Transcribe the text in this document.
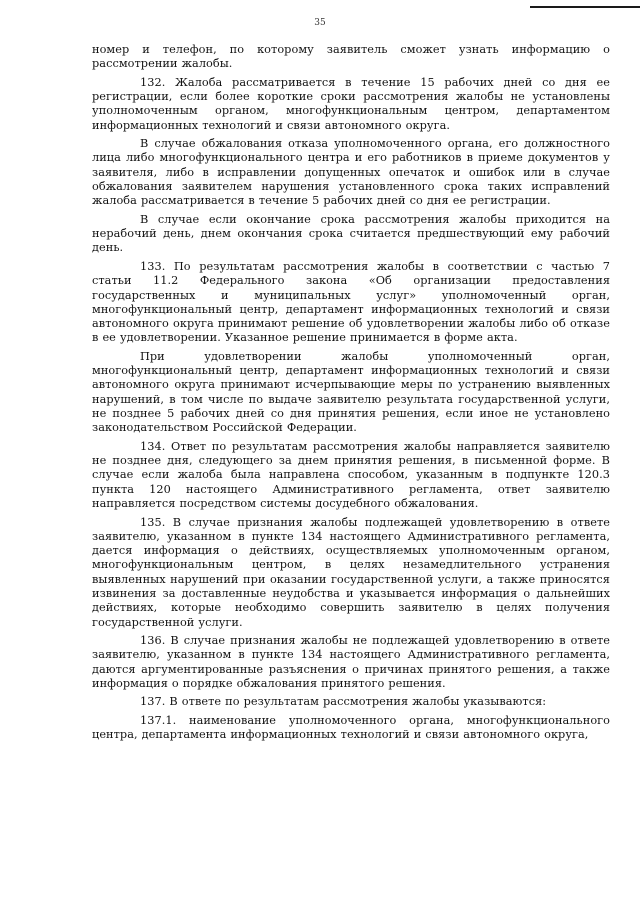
35

номер и телефон, по которому заявитель сможет узнать информацию о рассмотрении жалобы.

132. Жалоба рассматривается в течение 15 рабочих дней со дня ее регистрации, если более короткие сроки рассмотрения жалобы не установлены уполномоченным органом, многофункциональным центром, департаментом информационных технологий и связи автономного округа.

В случае обжалования отказа уполномоченного органа, его должностного лица либо многофункционального центра и его работников в приеме документов у заявителя, либо в исправлении допущенных опечаток и ошибок или в случае обжалования заявителем нарушения установленного срока таких исправлений жалоба рассматривается в течение 5 рабочих дней со дня ее регистрации.

В случае если окончание срока рассмотрения жалобы приходится на нерабочий день, днем окончания срока считается предшествующий ему рабочий день.

133. По результатам рассмотрения жалобы в соответствии с частью 7 статьи 11.2 Федерального закона «Об организации предоставления государственных и муниципальных услуг» уполномоченный орган, многофункциональный центр, департамент информационных технологий и связи автономного округа принимают решение об удовлетворении жалобы либо об отказе в ее удовлетворении. Указанное решение принимается в форме акта.

При удовлетворении жалобы уполномоченный орган, многофункциональный центр, департамент информационных технологий и связи автономного округа принимают исчерпывающие меры по устранению выявленных нарушений, в том числе по выдаче заявителю результата государственной услуги, не позднее 5 рабочих дней со дня принятия решения, если иное не установлено законодательством Российской Федерации.

134. Ответ по результатам рассмотрения жалобы направляется заявителю не позднее дня, следующего за днем принятия решения, в письменной форме. В случае если жалоба была направлена способом, указанным в подпункте 120.3 пункта 120 настоящего Административного регламента, ответ заявителю направляется посредством системы досудебного обжалования.

135. В случае признания жалобы подлежащей удовлетворению в ответе заявителю, указанном в пункте 134 настоящего Административного регламента, дается информация о действиях, осуществляемых уполномоченным органом, многофункциональным центром, в целях незамедлительного устранения выявленных нарушений при оказании государственной услуги, а также приносятся извинения за доставленные неудобства и указывается информация о дальнейших действиях, которые необходимо совершить заявителю в целях получения государственной услуги.

136. В случае признания жалобы не подлежащей удовлетворению в ответе заявителю, указанном в пункте 134 настоящего Административного регламента, даются аргументированные разъяснения о причинах принятого решения, а также информация о порядке обжалования принятого решения.

137. В ответе по результатам рассмотрения жалобы указываются:

137.1. наименование уполномоченного органа, многофункционального центра, департамента информационных технологий и связи автономного округа,
